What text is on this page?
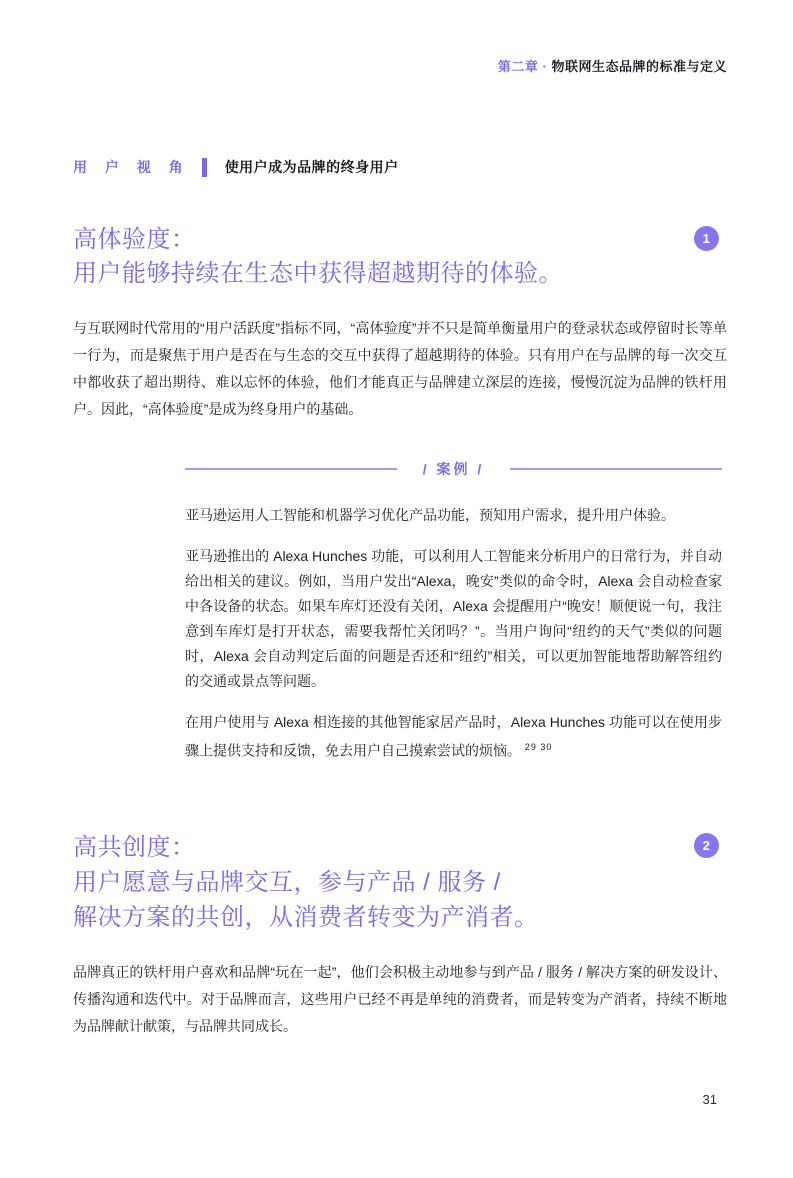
第二章 · 物联网生态品牌的标准与定义
用 户 视 角	使用户成为品牌的终身用户
高体验度：
用户能够持续在生态中获得超越期待的体验。
1

与互联网时代常用的“用户活跃度”指标不同，“高体验度”并不只是简单衡量用户的登录状态或停留时长等单一行为，而是聚焦于用户是否在与生态的交互中获得了超越期待的体验。只有用户在与品牌的每一次交互中都收获了超出期待、难以忘怀的体验，他们才能真正与品牌建立深层的连接，慢慢沉淀为品牌的铁杆用户。因此，“高体验度”是成为终身用户的基础。

/ 案例 /

亚马逊运用人工智能和机器学习优化产品功能，预知用户需求，提升用户体验。

亚马逊推出的 Alexa Hunches 功能，可以利用人工智能来分析用户的日常行为，并自动给出相关的建议。例如，当用户发出“Alexa，晚安”类似的命令时，Alexa 会自动检查家中各设备的状态。如果车库灯还没有关闭，Alexa 会提醒用户“晚安！顺便说一句，我注意到车库灯是打开状态，需要我帮忙关闭吗？”。当用户询问“纽约的天气”类似的问题时，Alexa 会自动判定后面的问题是否还和“纽约”相关，可以更加智能地帮助解答纽约的交通或景点等问题。

在用户使用与 Alexa 相连接的其他智能家居产品时，Alexa Hunches 功能可以在使用步骤上提供支持和反馈，免去用户自己摸索尝试的烦恼。 $^{29 30}$

高共创度：
用户愿意与品牌交互，参与产品 / 服务 /
解决方案的共创，从消费者转变为产消者。
2

品牌真正的铁杆用户喜欢和品牌“玩在一起”，他们会积极主动地参与到产品 / 服务 / 解决方案的研发设计、传播沟通和迭代中。对于品牌而言，这些用户已经不再是单纯的消费者，而是转变为产消者，持续不断地为品牌献计献策，与品牌共同成长。

31
